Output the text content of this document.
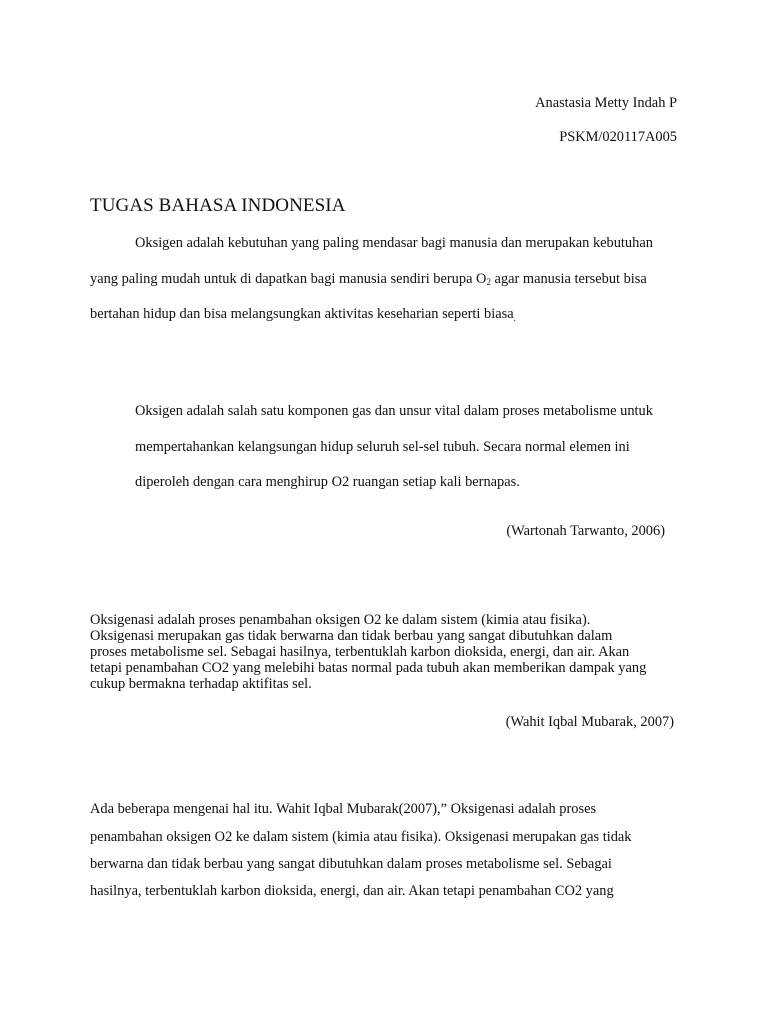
Anastasia Metty Indah P
PSKM/020117A005
TUGAS BAHASA INDONESIA
Oksigen adalah kebutuhan yang paling mendasar bagi manusia dan merupakan kebutuhan
yang paling mudah untuk di dapatkan bagi manusia sendiri berupa $O_2$ agar manusia tersebut bisa
bertahan hidup dan bisa melangsungkan aktivitas keseharian seperti biasa$_.$
Oksigen adalah salah satu komponen gas dan unsur vital dalam proses metabolisme untuk
mempertahankan kelangsungan hidup seluruh sel-sel tubuh. Secara normal elemen ini
diperoleh dengan cara menghirup O2 ruangan setiap kali bernapas.
(Wartonah Tarwanto, 2006)
Oksigenasi adalah proses penambahan oksigen O2 ke dalam sistem (kimia atau fisika).
Oksigenasi merupakan gas tidak berwarna dan tidak berbau yang sangat dibutuhkan dalam
proses metabolisme sel. Sebagai hasilnya, terbentuklah karbon dioksida, energi, dan air. Akan
tetapi penambahan CO2 yang melebihi batas normal pada tubuh akan memberikan dampak yang
cukup bermakna terhadap aktifitas sel.
(Wahit Iqbal Mubarak, 2007)
Ada beberapa mengenai hal itu. Wahit Iqbal Mubarak(2007),” Oksigenasi adalah proses
penambahan oksigen O2 ke dalam sistem (kimia atau fisika). Oksigenasi merupakan gas tidak
berwarna dan tidak berbau yang sangat dibutuhkan dalam proses metabolisme sel. Sebagai
hasilnya, terbentuklah karbon dioksida, energi, dan air. Akan tetapi penambahan CO2 yang
